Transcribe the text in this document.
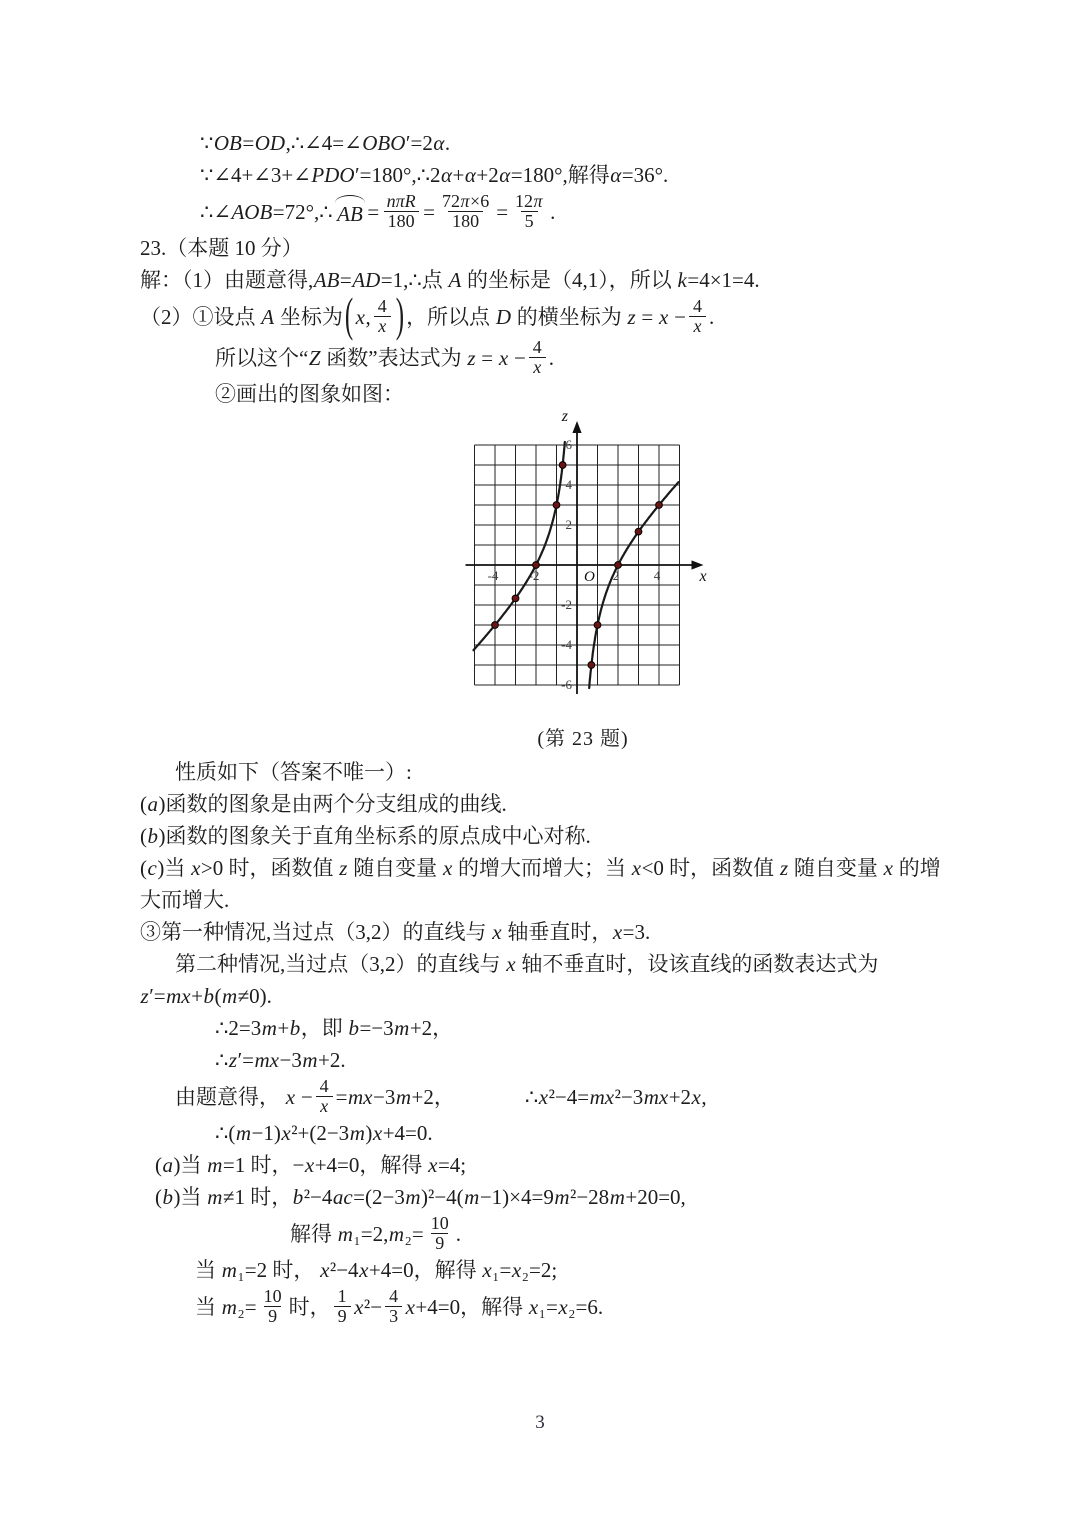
∵OB=OD,∴∠4=∠OBO′=2α.
∵∠4+∠3+∠PDO′=180°,∴2α+α+2α=180°,解得α=36°.
∴∠AOB=72°,∴ AB = $\frac{\text{nπR}}{180} = \frac{72\pi\times 6}{180} = \frac{12\pi}{5}$ .
23.（本题 10 分）
解：（1）由题意得,AB=AD=1,∴点 A 的坐标是（4,1），所以 k=4×1=4.
（2）①设点 A 坐标为 ( x, $\frac{4}{x}$ ) ，所以点 D 的横坐标为 $z = x - \frac{4}{x}$ .
所以这个“Z 函数”表达式为 $z = x - \frac{4}{x}$ .
②画出的图象如图：
-4 -2	2	4
6
4
2
-2
-4
-6
x
z
O
(第 23 题)
性质如下（答案不唯一）:
(a)函数的图象是由两个分支组成的曲线.
(b)函数的图象关于直角坐标系的原点成中心对称.
(c)当 x>0 时，函数值 z 随自变量 x 的增大而增大；当 x<0 时，函数值 z 随自变量 x 的增
大而增大.
③第一种情况,当过点（3,2）的直线与 x 轴垂直时，x=3.
第二种情况,当过点（3,2）的直线与 x 轴不垂直时，设该直线的函数表达式为
z′=mx+b(m≠0).
∴2=3m+b，即 b=−3m+2，
∴z′=mx−3m+2.
由题意得， $x - \frac{4}{x} =mx-3m+2$，	∴x²−4=mx²−3mx+2x,
∴(m−1)x²+(2−3m)x+4=0.
(a)当 m=1 时，−x+4=0，解得 x=4;
(b)当 m≠1 时，b²−4ac=(2−3m)²−4(m−1)×4=9m²−28m+20=0,
解得 $m_1=2,m_2= \frac{10}{9}$ .
当 m₁=2 时， x²−4x+4=0，解得 x₁=x₂=2;
当 $m_2= \frac{10}{9}$ 时， $\frac{1}{9} x^2- \frac{4}{3} x+4=0$，解得 x₁=x₂=6.
3
